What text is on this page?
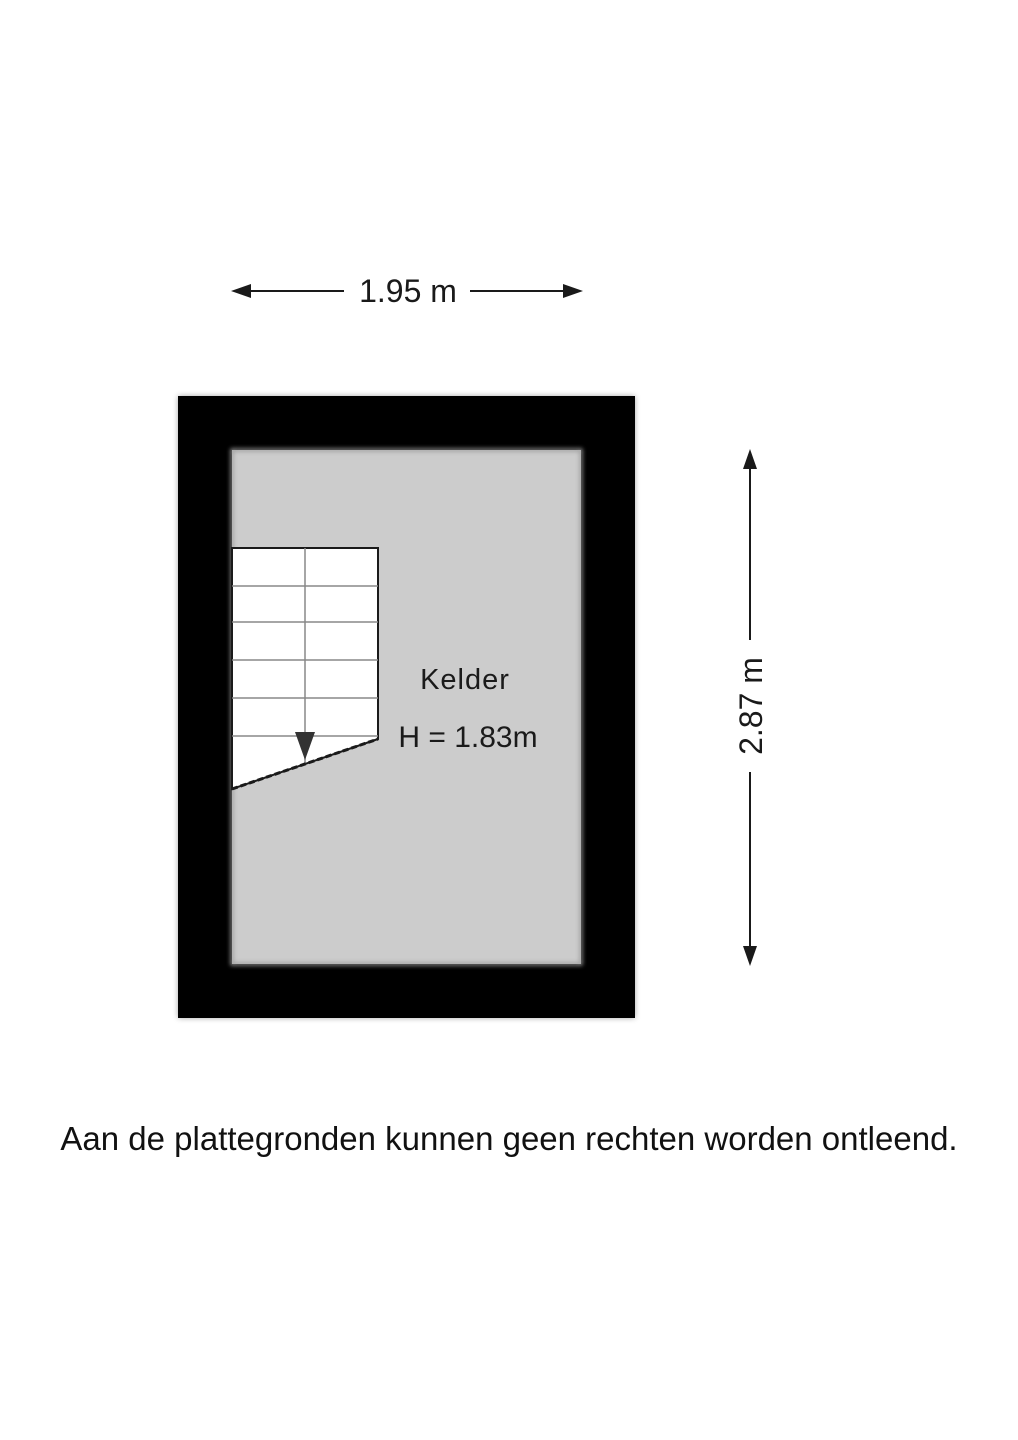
1.95 m
2.87 m
Kelder
H = 1.83m
Aan de plattegronden kunnen geen rechten worden ontleend.
